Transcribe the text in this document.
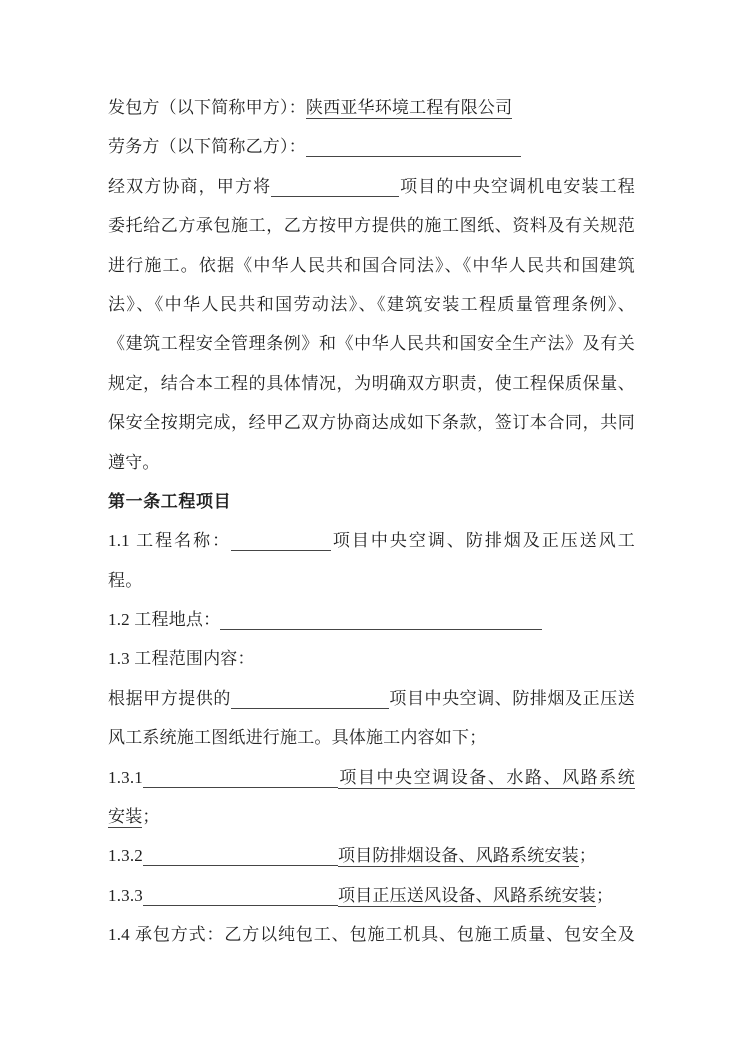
发包方（以下简称甲方）：陕西亚华环境工程有限公司
劳务方（以下简称乙方）：
经双方协商，甲方将	项目的中央空调机电安装工程
委托给乙方承包施工，乙方按甲方提供的施工图纸、资料及有关规范
进行施工。依据《中华人民共和国合同法》、《中华人民共和国建筑
法》、《中华人民共和国劳动法》、《建筑安装工程质量管理条例》、
《建筑工程安全管理条例》和《中华人民共和国安全生产法》及有关
规定，结合本工程的具体情况，为明确双方职责，使工程保质保量、
保安全按期完成，经甲乙双方协商达成如下条款，签订本合同，共同
遵守。
第一条工程项目
1.1 工程名称：	项目中央空调、防排烟及正压送风工
程。
1.2 工程地点：
1.3 工程范围内容：
根据甲方提供的	项目中央空调、防排烟及正压送
风工系统施工图纸进行施工。具体施工内容如下；
1.3.1	项目中央空调设备、水路、风路系统
安装；
1.3.2	项目防排烟设备、风路系统安装；
1.3.3	项目正压送风设备、风路系统安装；
1.4 承包方式：乙方以纯包工、包施工机具、包施工质量、包安全及
